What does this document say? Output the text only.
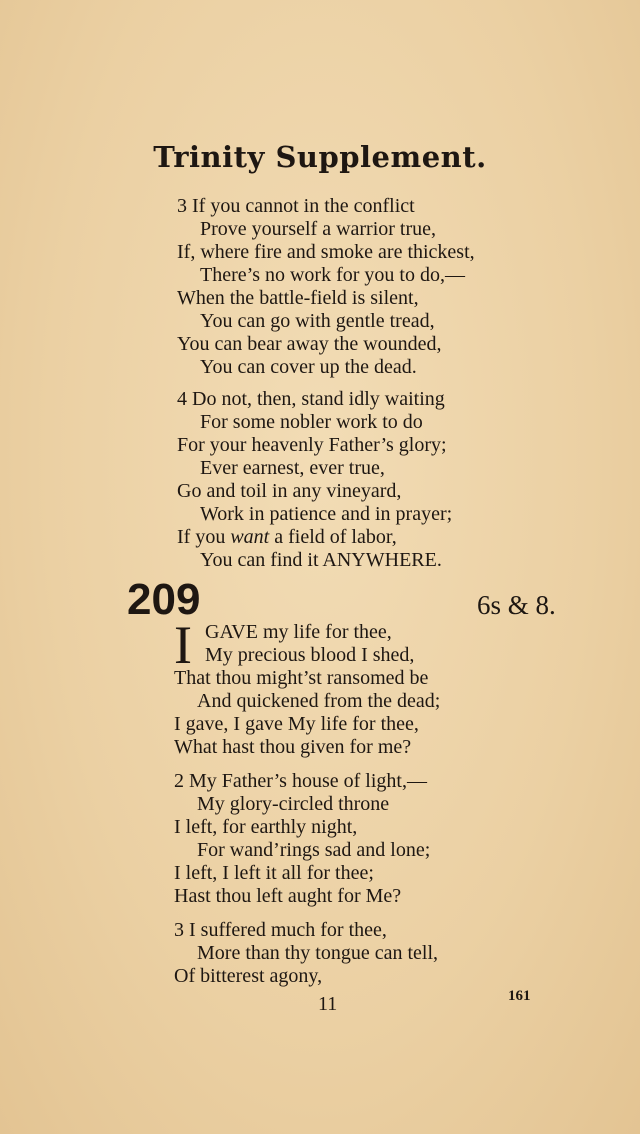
Trinity Supplement.
3 If you cannot in the conflict
Prove yourself a warrior true,
If, where fire and smoke are thickest,
There’s no work for you to do,—
When the battle-field is silent,
You can go with gentle tread,
You can bear away the wounded,
You can cover up the dead.
4 Do not, then, stand idly waiting
For some nobler work to do
For your heavenly Father’s glory;
Ever earnest, ever true,
Go and toil in any vineyard,
Work in patience and in prayer;
If you want a field of labor,
You can find it ANYWHERE.
209	6s & 8.
I GAVE my life for thee,
My precious blood I shed,
That thou might’st ransomed be
And quickened from the dead;
I gave, I gave My life for thee,
What hast thou given for me?
2 My Father’s house of light,—
My glory-circled throne
I left, for earthly night,
For wand’rings sad and lone;
I left, I left it all for thee;
Hast thou left aught for Me?
3 I suffered much for thee,
More than thy tongue can tell,
Of bitterest agony,
11	161
